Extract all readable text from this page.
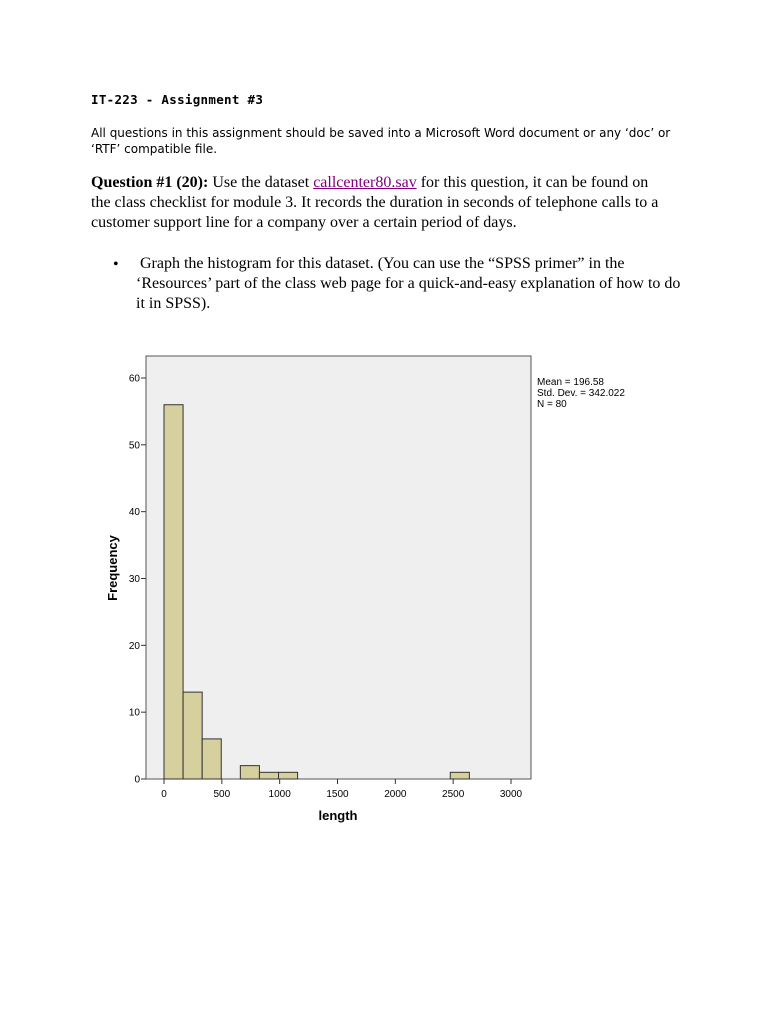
IT-223 - Assignment #3
All questions in this assignment should be saved into a Microsoft Word document or any ‘doc’ or ‘RTF’ compatible file.
Question #1 (20): Use the dataset callcenter80.sav for this question, it can be found on the class checklist for module 3. It records the duration in seconds of telephone calls to a customer support line for a company over a certain period of days.
• Graph the histogram for this dataset. (You can use the “SPSS primer” in the ‘Resources’ part of the class web page for a quick-and-easy explanation of how to do it in SPSS).
0
10
20
30
40
50
60
0	500	1000	1500	2000	2500	3000
length
Frequency
Mean = 196.58
Std. Dev. = 342.022
N = 80
